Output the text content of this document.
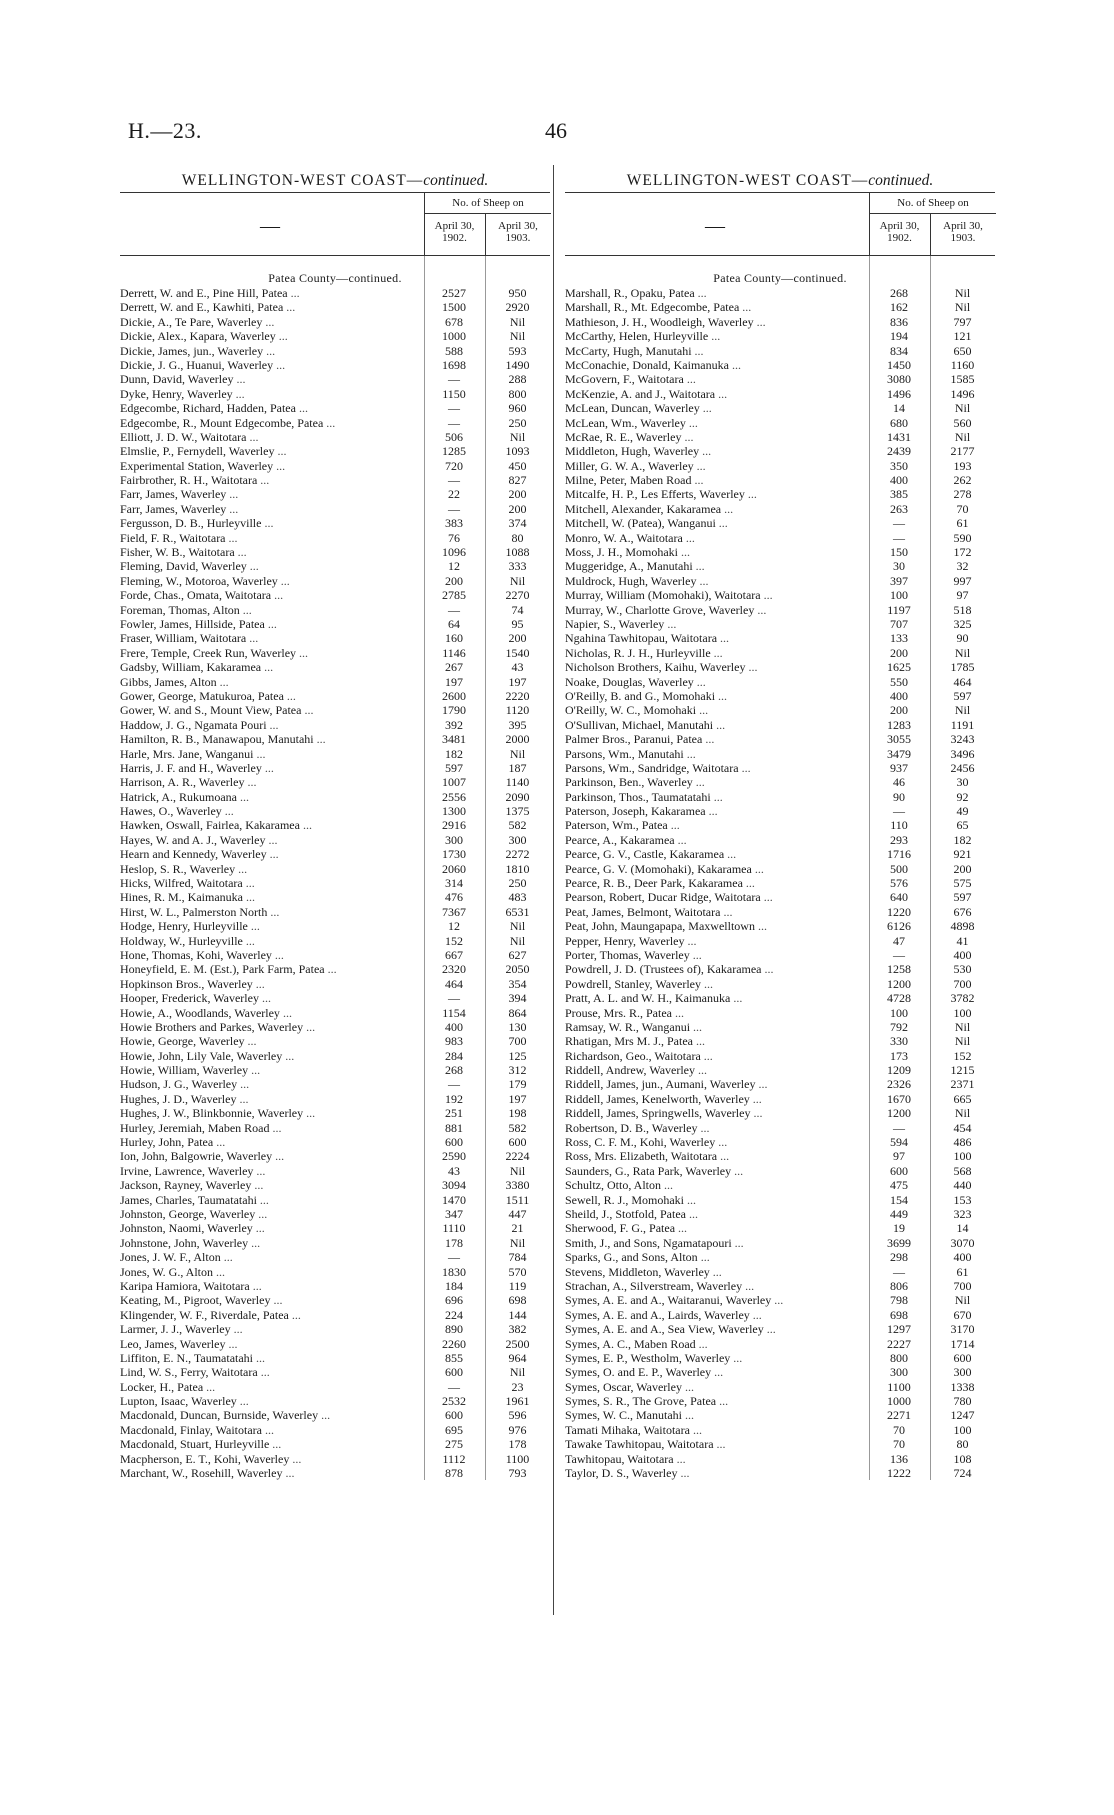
H.—23.	46
WELLINGTON-WEST COAST—continued.
—
No. of Sheep on
April 30, 1902.
April 30, 1903.
Patea County—continued.
Derrett, W. and E., Pine Hill, Patea ...	2527	950
Derrett, W. and E., Kawhiti, Patea ...	1500	2920
Dickie, A., Te Pare, Waverley ...	678	Nil
Dickie, Alex., Kapara, Waverley ...	1000	Nil
Dickie, James, jun., Waverley ...	588	593
Dickie, J. G., Huanui, Waverley ...	1698	1490
Dunn, David, Waverley ...	—	288
Dyke, Henry, Waverley ...	1150	800
Edgecombe, Richard, Hadden, Patea ...	—	960
Edgecombe, R., Mount Edgecombe, Patea ...	—	250
Elliott, J. D. W., Waitotara ...	506	Nil
Elmslie, P., Fernydell, Waverley ...	1285	1093
Experimental Station, Waverley ...	720	450
Fairbrother, R. H., Waitotara ...	—	827
Farr, James, Waverley ...	22	200
Farr, James, Waverley ...	—	200
Fergusson, D. B., Hurleyville ...	383	374
Field, F. R., Waitotara ...	76	80
Fisher, W. B., Waitotara ...	1096	1088
Fleming, David, Waverley ...	12	333
Fleming, W., Motoroa, Waverley ...	200	Nil
Forde, Chas., Omata, Waitotara ...	2785	2270
Foreman, Thomas, Alton ...	—	74
Fowler, James, Hillside, Patea ...	64	95
Fraser, William, Waitotara ...	160	200
Frere, Temple, Creek Run, Waverley ...	1146	1540
Gadsby, William, Kakaramea ...	267	43
Gibbs, James, Alton ...	197	197
Gower, George, Matukuroa, Patea ...	2600	2220
Gower, W. and S., Mount View, Patea ...	1790	1120
Haddow, J. G., Ngamata Pouri ...	392	395
Hamilton, R. B., Manawapou, Manutahi ...	3481	2000
Harle, Mrs. Jane, Wanganui ...	182	Nil
Harris, J. F. and H., Waverley ...	597	187
Harrison, A. R., Waverley ...	1007	1140
Hatrick, A., Rukumoana ...	2556	2090
Hawes, O., Waverley ...	1300	1375
Hawken, Oswall, Fairlea, Kakaramea ...	2916	582
Hayes, W. and A. J., Waverley ...	300	300
Hearn and Kennedy, Waverley ...	1730	2272
Heslop, S. R., Waverley ...	2060	1810
Hicks, Wilfred, Waitotara ...	314	250
Hines, R. M., Kaimanuka ...	476	483
Hirst, W. L., Palmerston North ...	7367	6531
Hodge, Henry, Hurleyville ...	12	Nil
Holdway, W., Hurleyville ...	152	Nil
Hone, Thomas, Kohi, Waverley ...	667	627
Honeyfield, E. M. (Est.), Park Farm, Patea ...	2320	2050
Hopkinson Bros., Waverley ...	464	354
Hooper, Frederick, Waverley ...	—	394
Howie, A., Woodlands, Waverley ...	1154	864
Howie Brothers and Parkes, Waverley ...	400	130
Howie, George, Waverley ...	983	700
Howie, John, Lily Vale, Waverley ...	284	125
Howie, William, Waverley ...	268	312
Hudson, J. G., Waverley ...	—	179
Hughes, J. D., Waverley ...	192	197
Hughes, J. W., Blinkbonnie, Waverley ...	251	198
Hurley, Jeremiah, Maben Road ...	881	582
Hurley, John, Patea ...	600	600
Ion, John, Balgowrie, Waverley ...	2590	2224
Irvine, Lawrence, Waverley ...	43	Nil
Jackson, Rayney, Waverley ...	3094	3380
James, Charles, Taumatatahi ...	1470	1511
Johnston, George, Waverley ...	347	447
Johnston, Naomi, Waverley ...	1110	21
Johnstone, John, Waverley ...	178	Nil
Jones, J. W. F., Alton ...	—	784
Jones, W. G., Alton ...	1830	570
Karipa Hamiora, Waitotara ...	184	119
Keating, M., Pigroot, Waverley ...	696	698
Klingender, W. F., Riverdale, Patea ...	224	144
Larmer, J. J., Waverley ...	890	382
Leo, James, Waverley ...	2260	2500
Liffiton, E. N., Taumatatahi ...	855	964
Lind, W. S., Ferry, Waitotara ...	600	Nil
Locker, H., Patea ...	—	23
Lupton, Isaac, Waverley ...	2532	1961
Macdonald, Duncan, Burnside, Waverley ...	600	596
Macdonald, Finlay, Waitotara ...	695	976
Macdonald, Stuart, Hurleyville ...	275	178
Macpherson, E. T., Kohi, Waverley ...	1112	1100
Marchant, W., Rosehill, Waverley ...	878	793
WELLINGTON-WEST COAST—continued.
—
No. of Sheep on
April 30, 1902.
April 30, 1903.
Patea County—continued.
Marshall, R., Opaku, Patea ...	268	Nil
Marshall, R., Mt. Edgecombe, Patea ...	162	Nil
Mathieson, J. H., Woodleigh, Waverley ...	836	797
McCarthy, Helen, Hurleyville ...	194	121
McCarty, Hugh, Manutahi ...	834	650
McConachie, Donald, Kaimanuka ...	1450	1160
McGovern, F., Waitotara ...	3080	1585
McKenzie, A. and J., Waitotara ...	1496	1496
McLean, Duncan, Waverley ...	14	Nil
McLean, Wm., Waverley ...	680	560
McRae, R. E., Waverley ...	1431	Nil
Middleton, Hugh, Waverley ...	2439	2177
Miller, G. W. A., Waverley ...	350	193
Milne, Peter, Maben Road ...	400	262
Mitcalfe, H. P., Les Efferts, Waverley ...	385	278
Mitchell, Alexander, Kakaramea ...	263	70
Mitchell, W. (Patea), Wanganui ...	—	61
Monro, W. A., Waitotara ...	—	590
Moss, J. H., Momohaki ...	150	172
Muggeridge, A., Manutahi ...	30	32
Muldrock, Hugh, Waverley ...	397	997
Murray, William (Momohaki), Waitotara ...	100	97
Murray, W., Charlotte Grove, Waverley ...	1197	518
Napier, S., Waverley ...	707	325
Ngahina Tawhitopau, Waitotara ...	133	90
Nicholas, R. J. H., Hurleyville ...	200	Nil
Nicholson Brothers, Kaihu, Waverley ...	1625	1785
Noake, Douglas, Waverley ...	550	464
O'Reilly, B. and G., Momohaki ...	400	597
O'Reilly, W. C., Momohaki ...	200	Nil
O'Sullivan, Michael, Manutahi ...	1283	1191
Palmer Bros., Paranui, Patea ...	3055	3243
Parsons, Wm., Manutahi ...	3479	3496
Parsons, Wm., Sandridge, Waitotara ...	937	2456
Parkinson, Ben., Waverley ...	46	30
Parkinson, Thos., Taumatatahi ...	90	92
Paterson, Joseph, Kakaramea ...	—	49
Paterson, Wm., Patea ...	110	65
Pearce, A., Kakaramea ...	293	182
Pearce, G. V., Castle, Kakaramea ...	1716	921
Pearce, G. V. (Momohaki), Kakaramea ...	500	200
Pearce, R. B., Deer Park, Kakaramea ...	576	575
Pearson, Robert, Ducar Ridge, Waitotara ...	640	597
Peat, James, Belmont, Waitotara ...	1220	676
Peat, John, Maungapapa, Maxwelltown ...	6126	4898
Pepper, Henry, Waverley ...	47	41
Porter, Thomas, Waverley ...	—	400
Powdrell, J. D. (Trustees of), Kakaramea ...	1258	530
Powdrell, Stanley, Waverley ...	1200	700
Pratt, A. L. and W. H., Kaimanuka ...	4728	3782
Prouse, Mrs. R., Patea ...	100	100
Ramsay, W. R., Wanganui ...	792	Nil
Rhatigan, Mrs M. J., Patea ...	330	Nil
Richardson, Geo., Waitotara ...	173	152
Riddell, Andrew, Waverley ...	1209	1215
Riddell, James, jun., Aumani, Waverley ...	2326	2371
Riddell, James, Kenelworth, Waverley ...	1670	665
Riddell, James, Springwells, Waverley ...	1200	Nil
Robertson, D. B., Waverley ...	—	454
Ross, C. F. M., Kohi, Waverley ...	594	486
Ross, Mrs. Elizabeth, Waitotara ...	97	100
Saunders, G., Rata Park, Waverley ...	600	568
Schultz, Otto, Alton ...	475	440
Sewell, R. J., Momohaki ...	154	153
Sheild, J., Stotfold, Patea ...	449	323
Sherwood, F. G., Patea ...	19	14
Smith, J., and Sons, Ngamatapouri ...	3699	3070
Sparks, G., and Sons, Alton ...	298	400
Stevens, Middleton, Waverley ...	—	61
Strachan, A., Silverstream, Waverley ...	806	700
Symes, A. E. and A., Waitaranui, Waverley ...	798	Nil
Symes, A. E. and A., Lairds, Waverley ...	698	670
Symes, A. E. and A., Sea View, Waverley ...	1297	3170
Symes, A. C., Maben Road ...	2227	1714
Symes, E. P., Westholm, Waverley ...	800	600
Symes, O. and E. P., Waverley ...	300	300
Symes, Oscar, Waverley ...	1100	1338
Symes, S. R., The Grove, Patea ...	1000	780
Symes, W. C., Manutahi ...	2271	1247
Tamati Mihaka, Waitotara ...	70	100
Tawake Tawhitopau, Waitotara ...	70	80
Tawhitopau, Waitotara ...	136	108
Taylor, D. S., Waverley ...	1222	724
